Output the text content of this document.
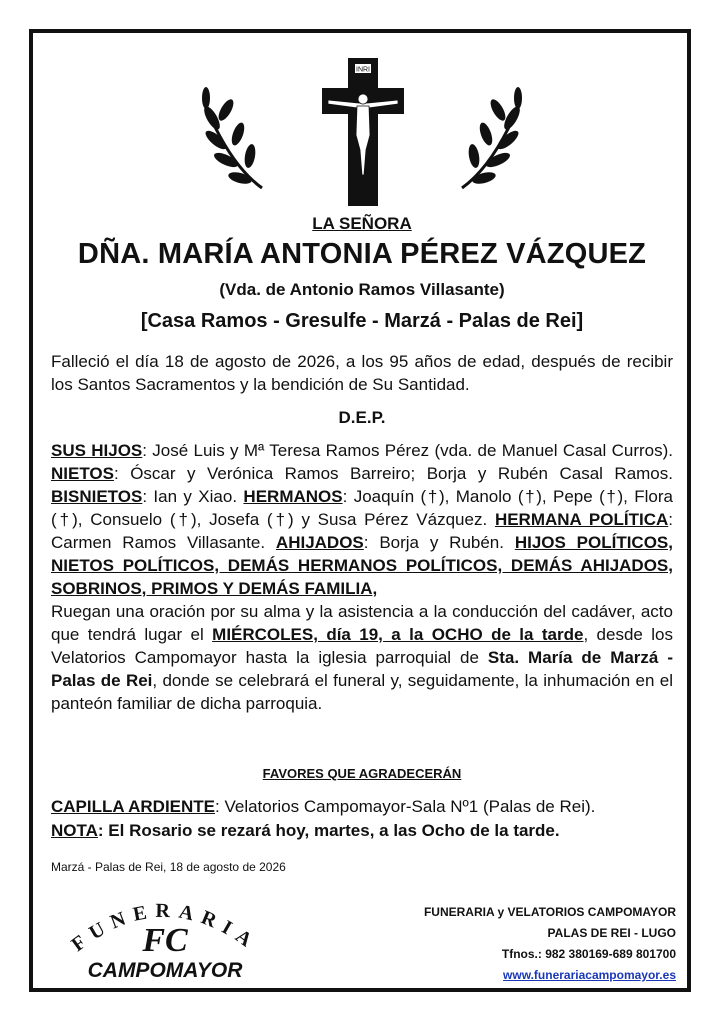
INRI
LA SEÑORA
DÑA. MARÍA ANTONIA PÉREZ VÁZQUEZ
(Vda. de Antonio Ramos Villasante)
[Casa Ramos - Gresulfe - Marzá - Palas de Rei]
Falleció el día 18 de agosto de 2026, a los 95 años de edad, después de recibir los Santos Sacramentos y la bendición de Su Santidad.
D.E.P.

SUS HIJOS: José Luis y Mª Teresa Ramos Pérez (vda. de Manuel Casal Curros). NIETOS: Óscar y Verónica Ramos Barreiro; Borja y Rubén Casal Ramos. BISNIETOS: Ian y Xiao. HERMANOS: Joaquín (†), Manolo (†), Pepe (†), Flora (†), Consuelo (†), Josefa (†) y Susa Pérez Vázquez. HERMANA POLÍTICA: Carmen Ramos Villasante. AHIJADOS: Borja y Rubén. HIJOS POLÍTICOS, NIETOS POLÍTICOS, DEMÁS HERMANOS POLÍTICOS, DEMÁS AHIJADOS, SOBRINOS, PRIMOS Y DEMÁS FAMILIA,

Ruegan una oración por su alma y la asistencia a la conducción del cadáver, acto que tendrá lugar el MIÉRCOLES, día 19, a la OCHO de la tarde, desde los Velatorios Campomayor hasta la iglesia parroquial de Sta. María de Marzá - Palas de Rei, donde se celebrará el funeral y, seguidamente, la inhumación en el panteón familiar de dicha parroquia.

FAVORES QUE AGRADECERÁN

CAPILLA ARDIENTE: Velatorios Campomayor-Sala Nº1 (Palas de Rei).

NOTA: El Rosario se rezará hoy, martes, a las Ocho de la tarde.

Marzá - Palas de Rei, 18 de agosto de 2026
FUNERARIA
FC
CAMPOMAYOR
FUNERARIA y VELATORIOS CAMPOMAYOR
PALAS DE REI - LUGO
Tfnos.: 982 380169-689 801700
www.funerariacampomayor.es
